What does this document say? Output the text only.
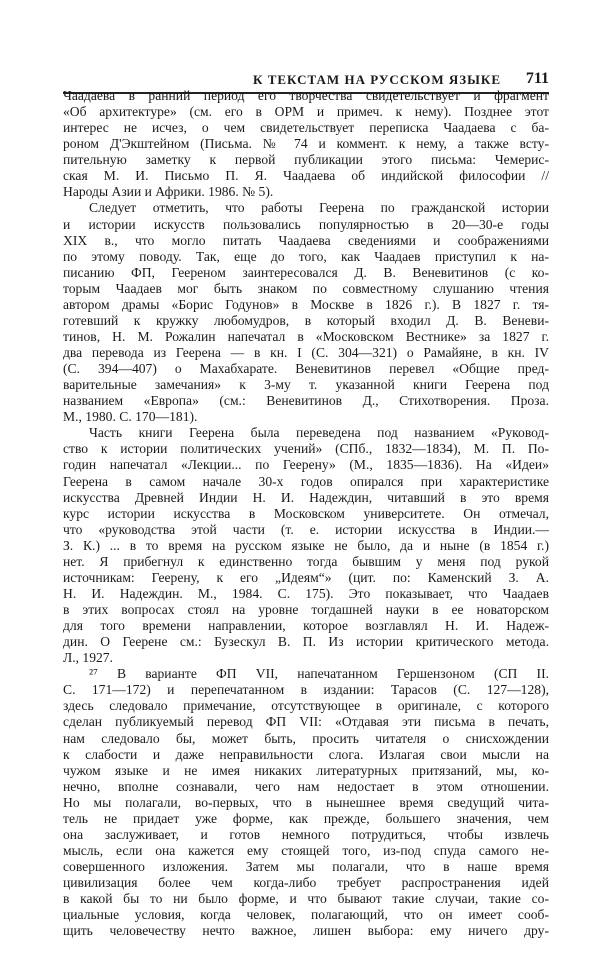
К ТЕКСТАМ НА РУССКОМ ЯЗЫКЕ 711
Чаадаева в ранний период его творчества свидетельствует и фрагмент
«Об архитектуре» (см. его в ОРМ и примеч. к нему). Позднее этот
интерес не исчез, о чем свидетельствует переписка Чаадаева с ба-
роном Д'Экштейном (Письма. № 74 и коммент. к нему, а также всту-
пительную заметку к первой публикации этого письма: Чемерис-
ская М. И. Письмо П. Я. Чаадаева об индийской философии //
Народы Азии и Африки. 1986. № 5).
Следует отметить, что работы Геерена по гражданской истории
и истории искусств пользовались популярностью в 20—30-е годы
XIX в., что могло питать Чаадаева сведениями и соображениями
по этому поводу. Так, еще до того, как Чаадаев приступил к на-
писанию ФП, Гееренoм заинтересовался Д. В. Веневитинов (с ко-
торым Чаадаев мог быть знаком по совместному слушанию чтения
автором драмы «Борис Годунов» в Москве в 1826 г.). В 1827 г. тя-
готевший к кружку любомудров, в который входил Д. В. Веневи-
тинов, Н. М. Рожалин напечатал в «Московском Вестнике» за 1827 г.
два перевода из Геерена — в кн. I (С. 304—321) о Рамайяне, в кн. IV
(С. 394—407) о Махабхарате. Веневитинов перевел «Общие пред-
варительные замечания» к 3-му т. указанной книги Геерена под
названием «Европа» (см.: Веневитинов Д., Стихотворения. Проза.
М., 1980. С. 170—181).
Часть книги Геерена была переведена под названием «Руковод-
ство к истории политических учений» (СПб., 1832—1834), М. П. По-
годин напечатал «Лекции... по Геерену» (М., 1835—1836). На «Идеи»
Геерена в самом начале 30-х годов опирался при характеристике
искусства Древней Индии Н. И. Надеждин, читавший в это время
курс истории искусства в Московском университете. Он отмечал,
что «руководства этой части (т. е. истории искусства в Индии.—
З. К.) ... в то время на русском языке не было, да и ныне (в 1854 г.)
нет. Я прибегнул к единственно тогда бывшим у меня под рукой
источникам: Геерену, к его „Идеям“» (цит. по: Каменский З. А.
Н. И. Надеждин. М., 1984. С. 175). Это показывает, что Чаадаев
в этих вопросах стоял на уровне тогдашней науки в ее новаторском
для того времени направлении, которое возглавлял Н. И. Надеж-
дин. О Геерене см.: Бузескул В. П. Из истории критического метода.
Л., 1927.
²⁷ В варианте ФП VII, напечатанном Гершензоном (СП II.
С. 171—172) и перепечатанном в издании: Тарасов (С. 127—128),
здесь следовало примечание, отсутствующее в оригинале, с которого
сделан публикуемый перевод ФП VII: «Отдавая эти письма в печать,
нам следовало бы, может быть, просить читателя о снисхождении
к слабости и даже неправильности слога. Излагая свои мысли на
чужом языке и не имея никаких литературных притязаний, мы, ко-
нечно, вполне сознавали, чего нам недостает в этом отношении.
Но мы полагали, во-первых, что в нынешнее время сведущий чита-
тель не придает уже форме, как прежде, большего значения, чем
она заслуживает, и готов немного потрудиться, чтобы извлечь
мысль, если она кажется ему стоящей того, из-под спуда самого не-
совершенного изложения. Затем мы полагали, что в наше время
цивилизация более чем когда-либо требует распространения идей
в какой бы то ни было форме, и что бывают такие случаи, такие со-
циальные условия, когда человек, полагающий, что он имеет сооб-
щить человечеству нечто важное, лишен выбора: ему ничего дру-
